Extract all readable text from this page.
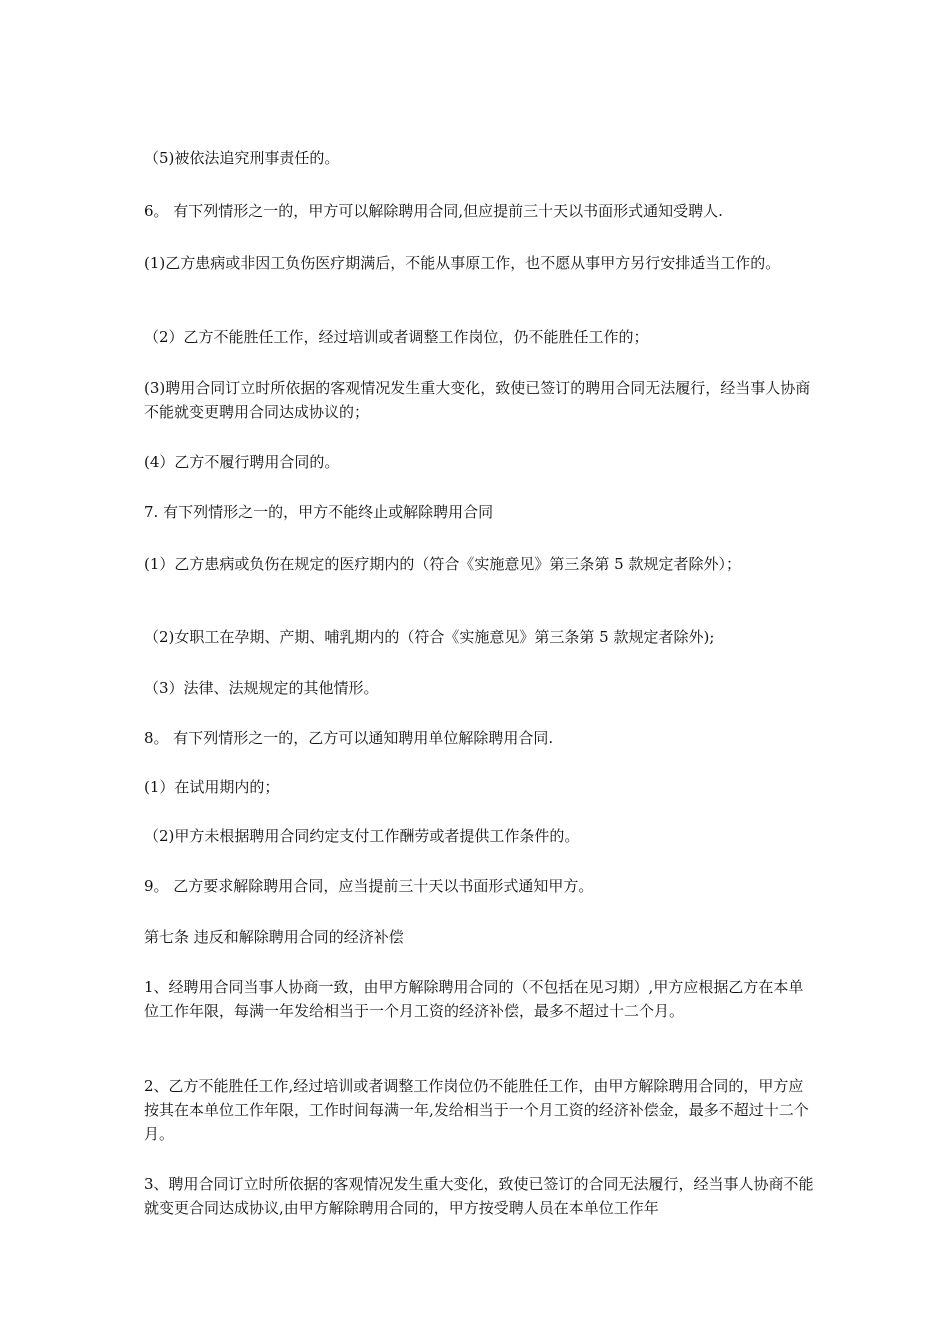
（5)被依法追究刑事责任的。

6。 有下列情形之一的，甲方可以解除聘用合同,但应提前三十天以书面形式通知受聘人.

(1)乙方患病或非因工负伤医疗期满后，不能从事原工作，也不愿从事甲方另行安排适当工作的。

（2）乙方不能胜任工作，经过培训或者调整工作岗位，仍不能胜任工作的；

(3)聘用合同订立时所依据的客观情况发生重大变化，致使已签订的聘用合同无法履行，经当事人协商不能就变更聘用合同达成协议的；

(4）乙方不履行聘用合同的。

7. 有下列情形之一的，甲方不能终止或解除聘用合同

(1）乙方患病或负伤在规定的医疗期内的（符合《实施意见》第三条第 5 款规定者除外）；

（2)女职工在孕期、产期、哺乳期内的（符合《实施意见》第三条第 5 款规定者除外);

（3）法律、法规规定的其他情形。

8。 有下列情形之一的，乙方可以通知聘用单位解除聘用合同.

(1）在试用期内的；

（2)甲方未根据聘用合同约定支付工作酬劳或者提供工作条件的。

9。 乙方要求解除聘用合同，应当提前三十天以书面形式通知甲方。

第七条 违反和解除聘用合同的经济补偿

1、经聘用合同当事人协商一致，由甲方解除聘用合同的（不包括在见习期）,甲方应根据乙方在本单位工作年限，每满一年发给相当于一个月工资的经济补偿，最多不超过十二个月。

2、乙方不能胜任工作,经过培训或者调整工作岗位仍不能胜任工作，由甲方解除聘用合同的，甲方应按其在本单位工作年限，工作时间每满一年,发给相当于一个月工资的经济补偿金，最多不超过十二个月。

3、聘用合同订立时所依据的客观情况发生重大变化，致使已签订的合同无法履行，经当事人协商不能就变更合同达成协议,由甲方解除聘用合同的，甲方按受聘人员在本单位工作年
